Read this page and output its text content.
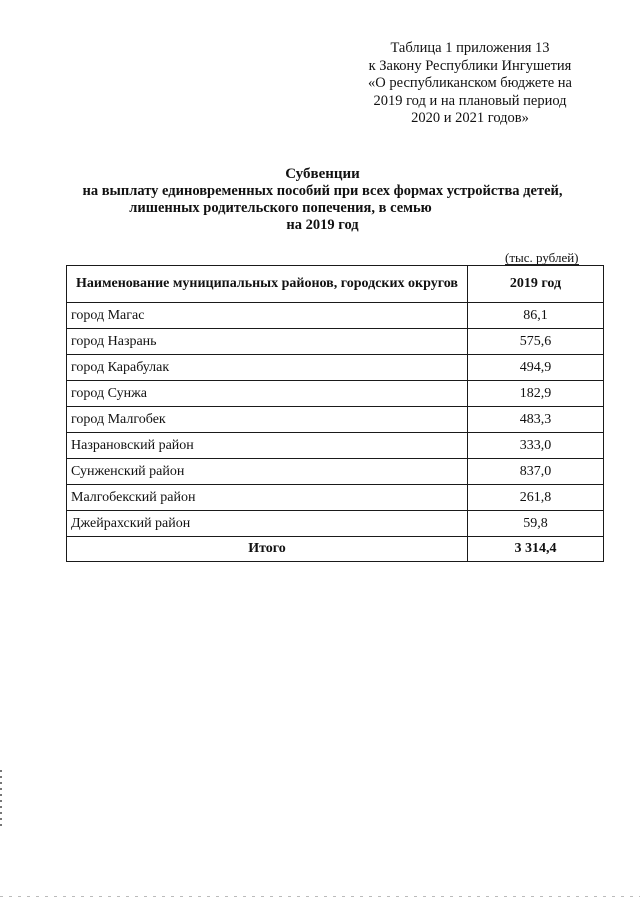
Таблица 1 приложения 13
к Закону Республики Ингушетия
«О республиканском бюджете на
2019 год и на плановый период
2020 и 2021 годов»
Субвенции
на выплату единовременных пособий при всех формах устройства детей,
лишенных родительского попечения, в семью
на 2019 год
(тыс. рублей)
Наименование муниципальных районов, городских округов	2019 год
город Магас	86,1
город Назрань	575,6
город Карабулак	494,9
город Сунжа	182,9
город Малгобек	483,3
Назрановский район	333,0
Сунженский район	837,0
Малгобекский район	261,8
Джейрахский район	59,8
Итого	3 314,4
